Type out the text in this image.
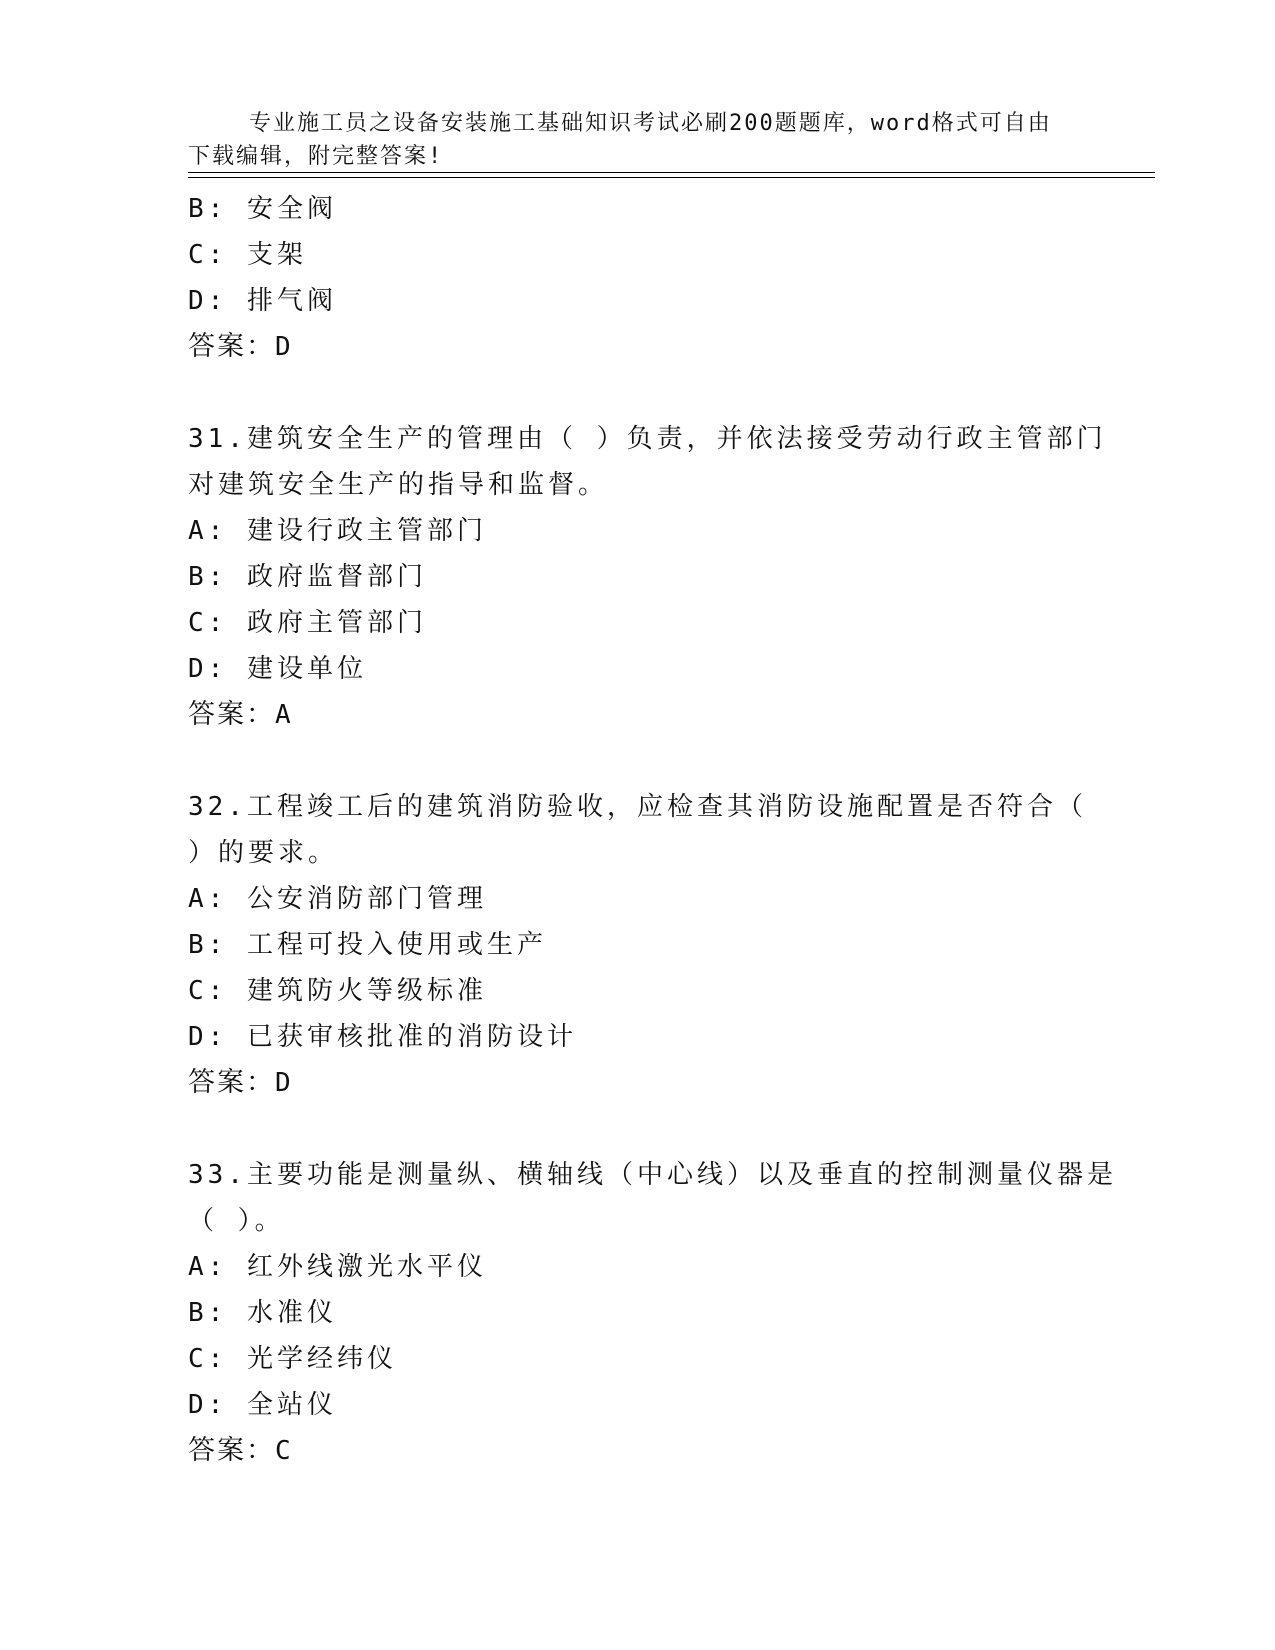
专业施工员之设备安装施工基础知识考试必刷200题题库，word格式可自由下载编辑，附完整答案!

B: 安全阀
C: 支架
D: 排气阀
答案：D
31.建筑安全生产的管理由（ ）负责，并依法接受劳动行政主管部门
对建筑安全生产的指导和监督。
A: 建设行政主管部门
B: 政府监督部门
C: 政府主管部门
D: 建设单位
答案：A
32.工程竣工后的建筑消防验收，应检查其消防设施配置是否符合（
）的要求。
A: 公安消防部门管理
B: 工程可投入使用或生产
C: 建筑防火等级标准
D: 已获审核批准的消防设计
答案：D
33.主要功能是测量纵、横轴线（中心线）以及垂直的控制测量仪器是
（ ）。
A: 红外线激光水平仪
B: 水准仪
C: 光学经纬仪
D: 全站仪
答案：C
